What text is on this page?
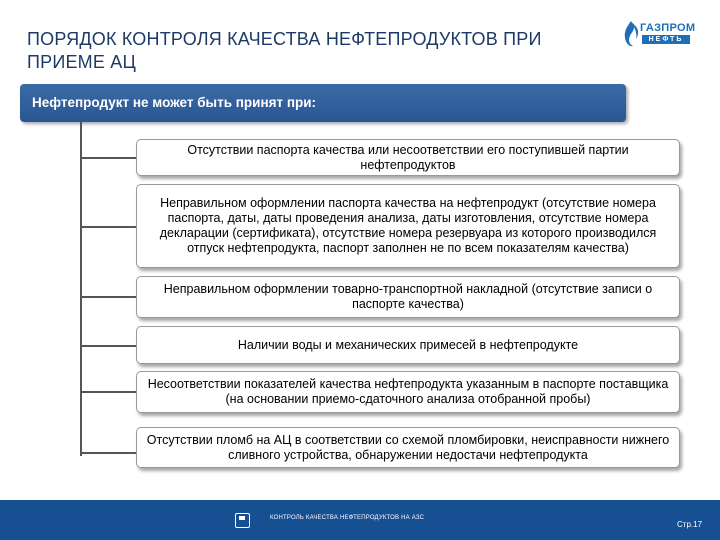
ПОРЯДОК КОНТРОЛЯ КАЧЕСТВА НЕФТЕПРОДУКТОВ ПРИ ПРИЕМЕ АЦ
ГАЗПРОМ
НЕФТЬ
Нефтепродукт не может быть принят при:
Отсутствии паспорта качества или несоответствии его поступившей партии нефтепродуктов
Неправильном оформлении паспорта качества на нефтепродукт (отсутствие номера паспорта, даты, даты проведения анализа, даты изготовления, отсутствие номера декларации (сертификата), отсутствие номера резервуара из которого производился отпуск нефтепродукта, паспорт заполнен не по всем показателям качества)
Неправильном оформлении товарно-транспортной накладной (отсутствие записи о паспорте качества)
Наличии воды и механических примесей в нефтепродукте
Несоответствии показателей качества нефтепродукта указанным в паспорте поставщика (на основании приемо-сдаточного анализа отобранной пробы)
Отсутствии пломб на АЦ в соответствии со схемой пломбировки, неисправности нижнего сливного устройства, обнаружении недостачи нефтепродукта
КОНТРОЛЬ КАЧЕСТВА НЕФТЕПРОДУКТОВ НА АЗС
Стр.17
